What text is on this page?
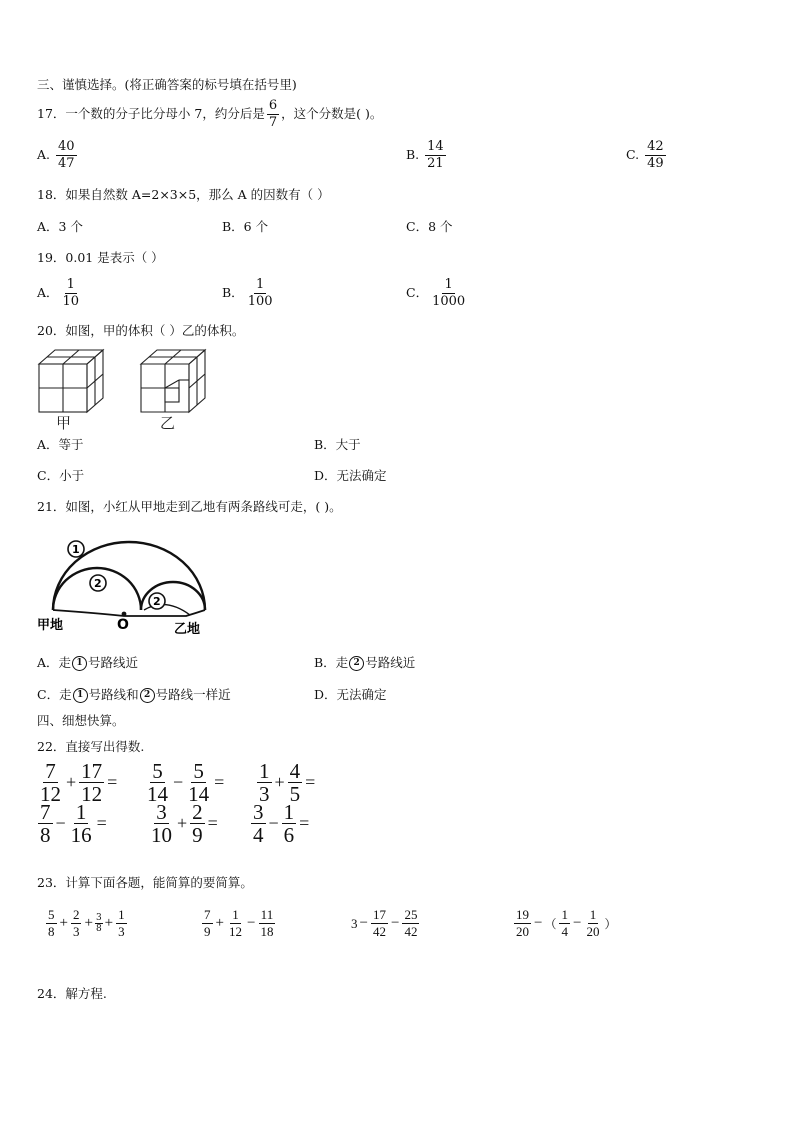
三、谨慎选择。(将正确答案的标号填在括号里)
17．一个数的分子比分母小 7，约分后是 $\frac{6}{7}$ ，这个分数是( )。
A. $\frac{40}{47}$	B. $\frac{14}{21}$	C. $\frac{42}{49}$
18．如果自然数 A=2×3×5，那么 A 的因数有（ ）
A．3 个	B．6 个	C．8 个
19．0.01 是表示（ ）
A． $\frac{1}{10}$	B． $\frac{1}{100}$	C． $\frac{1}{1000}$
20．如图，甲的体积（ ）乙的体积。
甲	乙
A．等于	B．大于
C．小于	D．无法确定
21．如图，小红从甲地走到乙地有两条路线可走，( )。
1
2
2
甲地	O	乙地
A．走 1 号路线近	B．走 2 号路线近
C．走 1 号路线和 2 号路线一样近	D．无法确定
四、细想快算。
22．直接写出得数.
$\frac{7}{12} + \frac{17}{12} = \frac{5}{14} - \frac{5}{14} = \frac{1}{3} + \frac{4}{5}$ =
$\frac{7}{8} - \frac{1}{16} = \frac{3}{10} + \frac{2}{9} = \frac{3}{4} - \frac{1}{6}$ =
23．计算下面各题，能简算的要简算。
$\frac{5}{8} + \frac{2}{3} + \frac{3}{8} + \frac{1}{3}$	$\frac{7}{9} + \frac{1}{12} - \frac{11}{18}$	$3 - \frac{17}{42} - \frac{25}{42}$	$\frac{19}{20}$ − （ $\frac{1}{4} - \frac{1}{20}$ ）
24．解方程.
